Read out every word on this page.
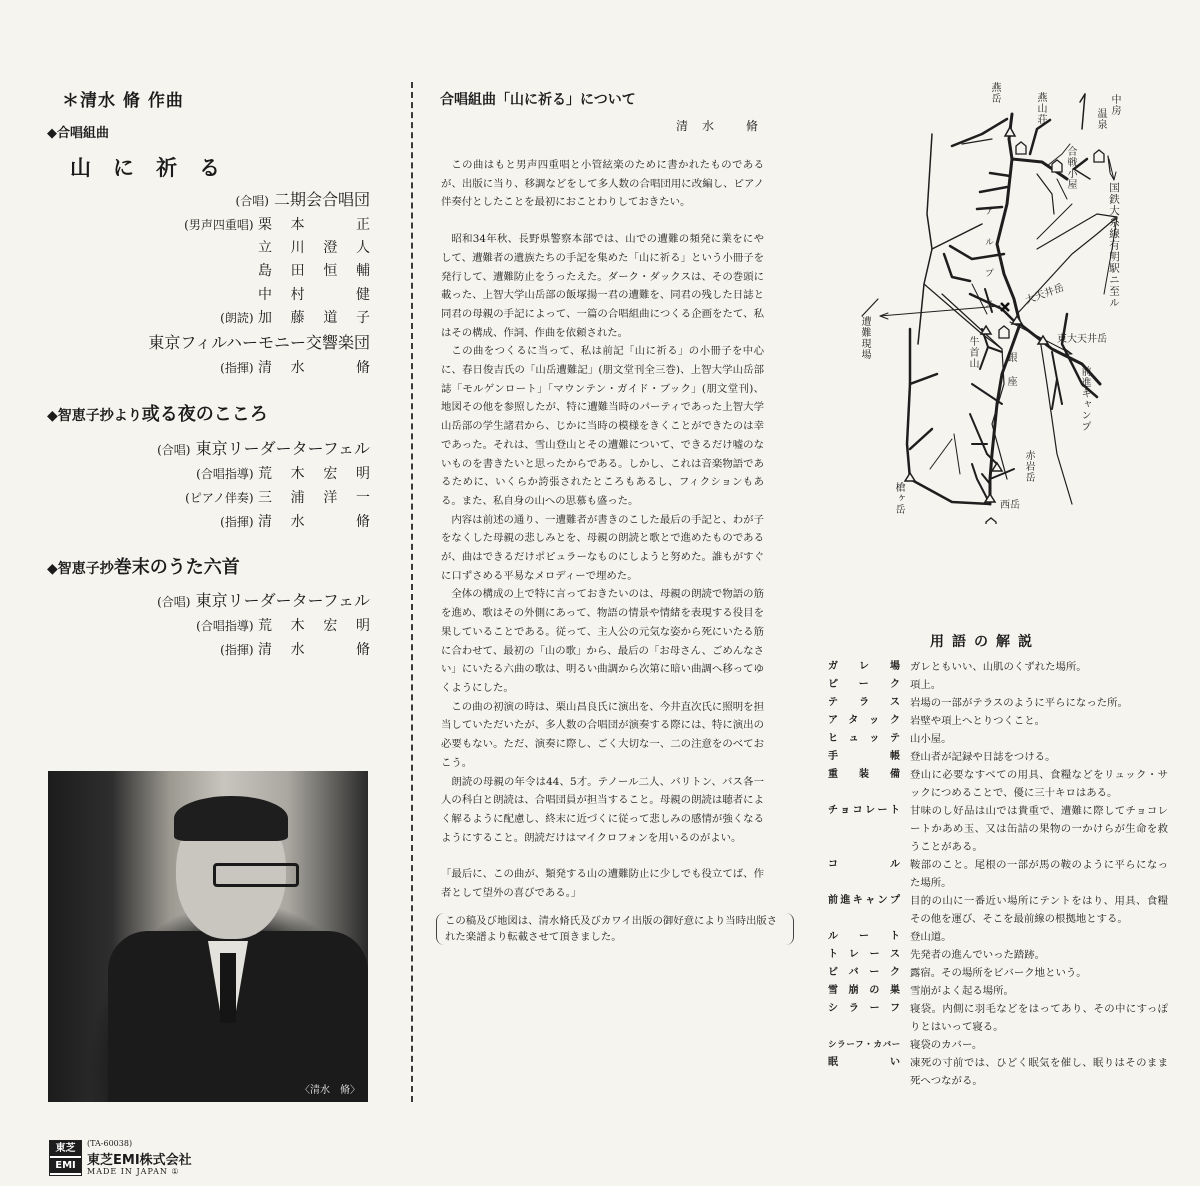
＊清水 脩 作曲
◆合唱組曲
山に祈る
(合唱) 二期会合唱団
(男声四重唱) 栗本　正
立川澄人
島田恒輔
中村　健
(朗読) 加藤道子
東京フィルハーモニー交響楽団
(指揮) 清水　脩
◆智恵子抄より或る夜のこころ
(合唱) 東京リーダーターフェル
(合唱指導) 荒木宏明
(ピアノ伴奏) 三浦洋一
(指揮) 清水　脩
◆智恵子抄巻末のうた六首
(合唱) 東京リーダーターフェル
(合唱指導) 荒木宏明
(指揮) 清水　脩
〈清水　脩〉
東芝
EMI
(TA-60038)
東芝EMI株式会社
MADE IN JAPAN ①
合唱組曲「山に祈る」について
清水 脩

この曲はもと男声四重唱と小管絃楽のために書かれたものであるが、出版に当り、移調などをして多人数の合唱団用に改編し、ピアノ伴奏付としたことを最初におことわりしておきたい。

昭和34年秋、長野県警察本部では、山での遭難の頻発に業をにやして、遭難者の遺族たちの手記を集めた「山に祈る」という小冊子を発行して、遭難防止をうったえた。ダーク・ダックスは、その巻頭に載った、上智大学山岳部の飯塚揚一君の遭難を、同君の残した日誌と同君の母親の手記によって、一篇の合唱組曲につくる企画をたて、私はその構成、作詞、作曲を依頼された。

この曲をつくるに当って、私は前記「山に祈る」の小冊子を中心に、春日俊吉氏の「山岳遭難記」(朋文堂刊全三巻)、上智大学山岳部誌「モルゲンロート」「マウンテン・ガイド・ブック」(朋文堂刊)、地図その他を参照したが、特に遭難当時のパーティであった上智大学山岳部の学生諸君から、じかに当時の模様をきくことができたのは幸であった。それは、雪山登山とその遭難について、できるだけ嘘のないものを書きたいと思ったからである。しかし、これは音楽物語であるために、いくらか誇張されたところもあるし、フィクションもある。また、私自身の山への思慕も盛った。

内容は前述の通り、一遭難者が書きのこした最后の手記と、わが子をなくした母親の悲しみとを、母親の朗読と歌とで進めたものであるが、曲はできるだけポピュラーなものにしようと努めた。誰もがすぐに口ずさめる平易なメロディーで埋めた。

全体の構成の上で特に言っておきたいのは、母親の朗読で物語の筋を進め、歌はその外側にあって、物語の情景や情緒を表現する役目を果していることである。従って、主人公の元気な姿から死にいたる筋に合わせて、最初の「山の歌」から、最后の「お母さん、ごめんなさい」にいたる六曲の歌は、明るい曲調から次第に暗い曲調へ移ってゆくようにした。

この曲の初演の時は、栗山昌良氏に演出を、今井直次氏に照明を担当していただいたが、多人数の合唱団が演奏する際には、特に演出の必要もない。ただ、演奏に際し、ごく大切な一、二の注意をのべておこう。

朗読の母親の年令は44、5才。テノール二人、バリトン、バス各一人の科白と朗読は、合唱団員が担当すること。母親の朗読は聴者によく解るように配慮し、終末に近づくに従って悲しみの感情が強くなるようにすること。朗読だけはマイクロフォンを用いるのがよい。

「最后に、この曲が、類発する山の遭難防止に少しでも役立てば、作者として望外の喜びである。」

この稿及び地図は、清水脩氏及びカワイ出版の御好意により当時出版された楽譜より転載させて頂きました。
燕岳	燕山荘	中房
温泉
合戦小屋
国鉄大糸線有明駅ニ至ル
アルプス	大天井岳
東大天井岳
遭難現場	牛首山	銀座	前進キャンプ
赤岩岳
槍ヶ岳	西岳
用語の解説
ガレ場 ガレともいい、山肌のくずれた場所。
ピーク 項上。
テラス 岩場の一部がテラスのように平らになった所。
アタック 岩壁や項上へとりつくこと。
ヒュッテ 山小屋。
手帳 登山者が記録や日誌をつける。
重装備 登山に必要なすべての用具、食糧などをリュック・サックにつめることで、優に三十キロはある。
チョコレート 甘味のし好品は山では貴重で、遭難に際してチョコレートかあめ玉、又は缶詰の果物の一かけらが生命を救うことがある。
コル 鞍部のこと。尾根の一部が馬の鞍のように平らになった場所。
前進キャンプ 目的の山に一番近い場所にテントをはり、用具、食糧その他を運び、そこを最前線の根拠地とする。
ルート 登山道。
トレース 先発者の進んでいった踏跡。
ビバーク 露宿。その場所をビバーク地という。
雪崩の巣 雪崩がよく起る場所。
シラーフ 寝袋。内側に羽毛などをはってあり、その中にすっぽりとはいって寝る。
シラーフ・カバー 寝袋のカバー。
眠い 凍死の寸前では、ひどく眠気を催し、眠りはそのまま死へつながる。
